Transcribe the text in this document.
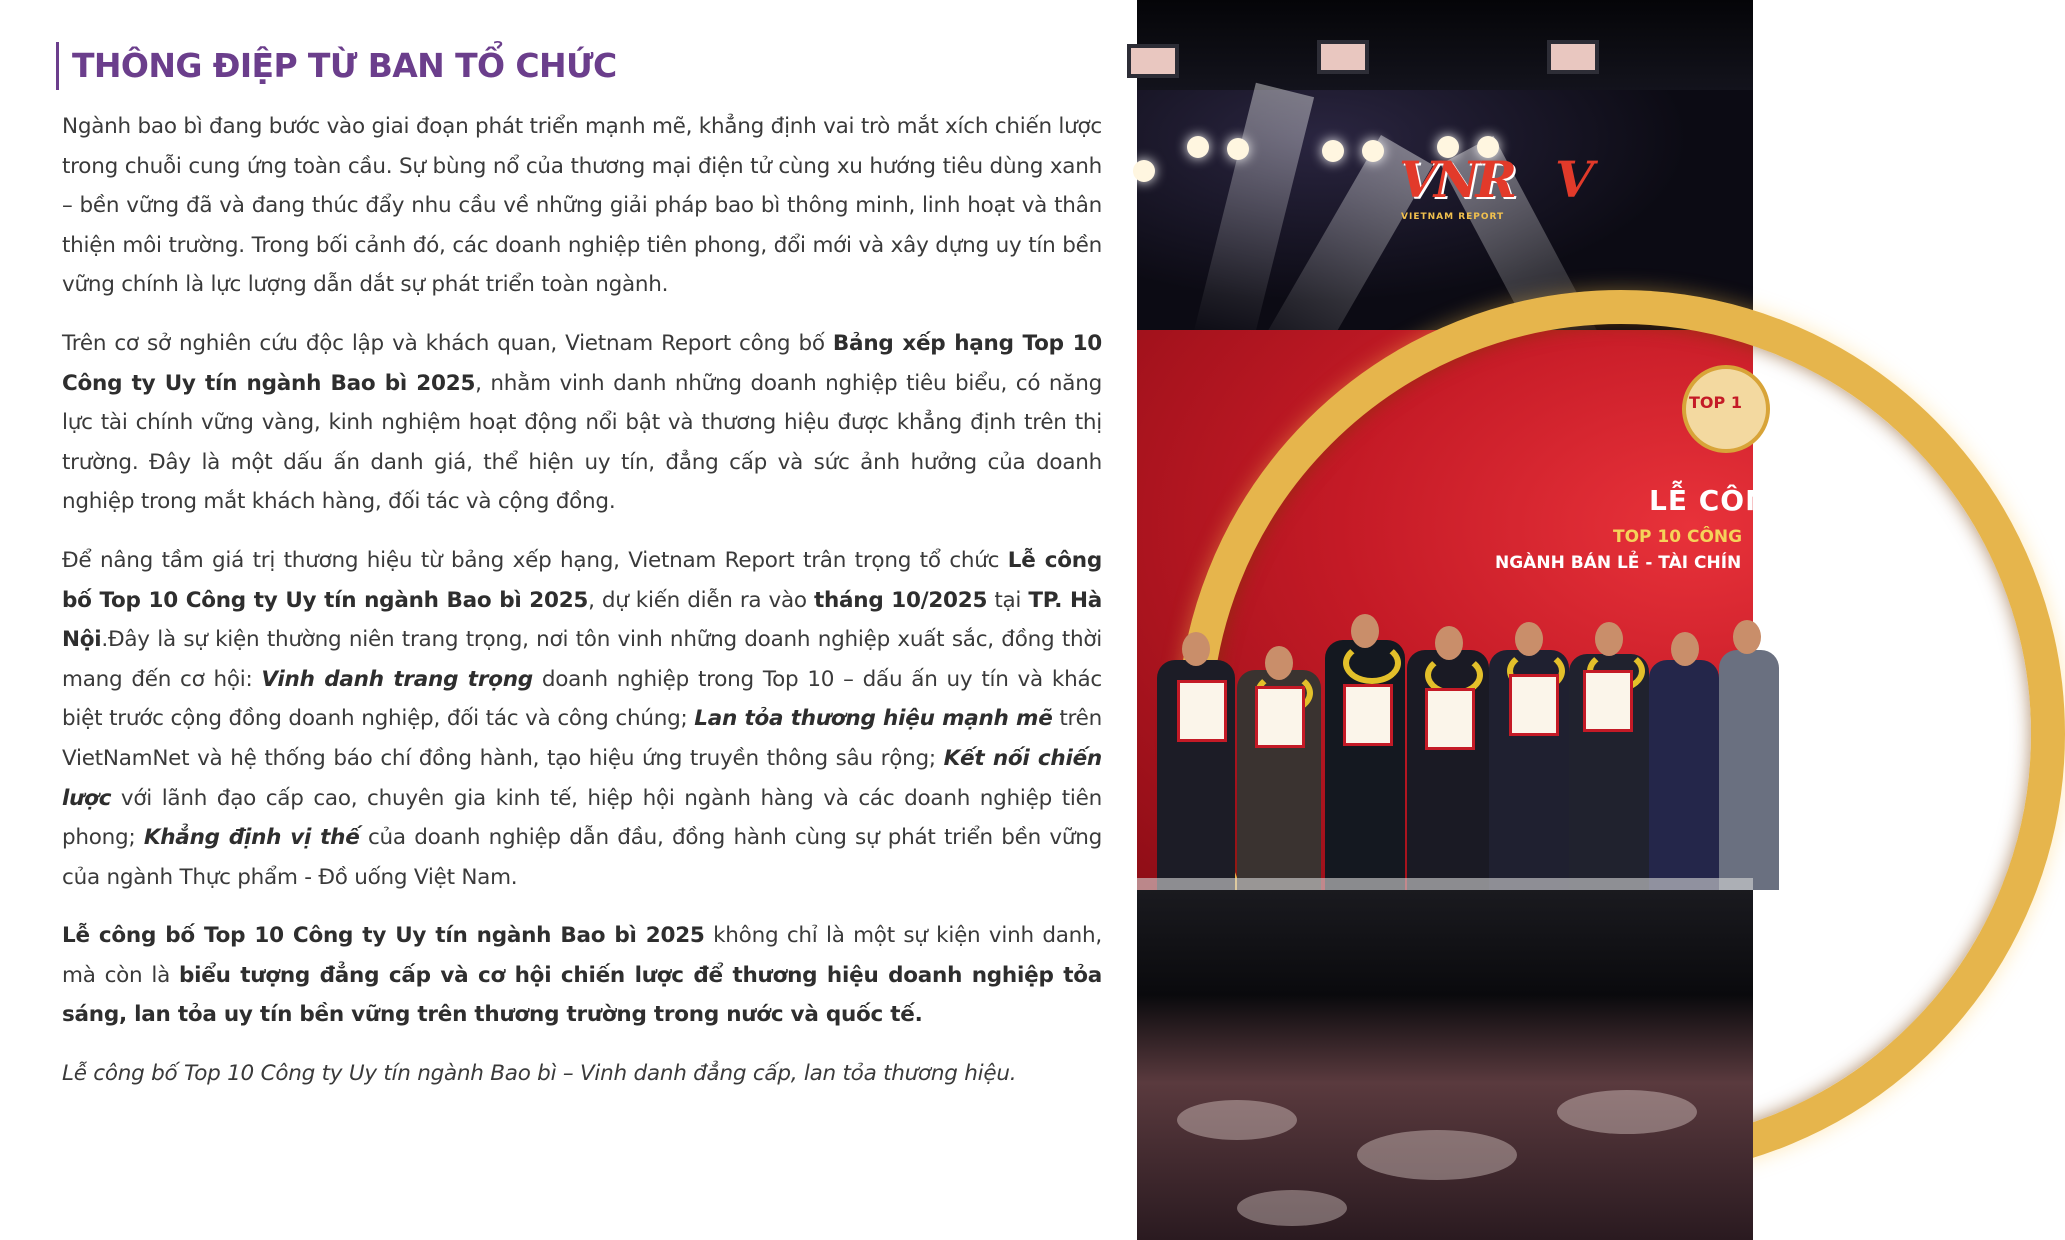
THÔNG ĐIỆP TỪ BAN TỔ CHỨC

Ngành bao bì đang bước vào giai đoạn phát triển mạnh mẽ, khẳng định vai trò mắt xích chiến lược trong chuỗi cung ứng toàn cầu. Sự bùng nổ của thương mại điện tử cùng xu hướng tiêu dùng xanh – bền vững đã và đang thúc đẩy nhu cầu về những giải pháp bao bì thông minh, linh hoạt và thân thiện môi trường. Trong bối cảnh đó, các doanh nghiệp tiên phong, đổi mới và xây dựng uy tín bền vững chính là lực lượng dẫn dắt sự phát triển toàn ngành.

Trên cơ sở nghiên cứu độc lập và khách quan, Vietnam Report công bố Bảng xếp hạng Top 10 Công ty Uy tín ngành Bao bì 2025, nhằm vinh danh những doanh nghiệp tiêu biểu, có năng lực tài chính vững vàng, kinh nghiệm hoạt động nổi bật và thương hiệu được khẳng định trên thị trường. Đây là một dấu ấn danh giá, thể hiện uy tín, đẳng cấp và sức ảnh hưởng của doanh nghiệp trong mắt khách hàng, đối tác và cộng đồng.

Để nâng tầm giá trị thương hiệu từ bảng xếp hạng, Vietnam Report trân trọng tổ chức Lễ công bố Top 10 Công ty Uy tín ngành Bao bì 2025, dự kiến diễn ra vào tháng 10/2025 tại TP. Hà Nội.Đây là sự kiện thường niên trang trọng, nơi tôn vinh những doanh nghiệp xuất sắc, đồng thời mang đến cơ hội: Vinh danh trang trọng doanh nghiệp trong Top 10 – dấu ấn uy tín và khác biệt trước cộng đồng doanh nghiệp, đối tác và công chúng; Lan tỏa thương hiệu mạnh mẽ trên VietNamNet và hệ thống báo chí đồng hành, tạo hiệu ứng truyền thông sâu rộng; Kết nối chiến lược với lãnh đạo cấp cao, chuyên gia kinh tế, hiệp hội ngành hàng và các doanh nghiệp tiên phong; Khẳng định vị thế của doanh nghiệp dẫn đầu, đồng hành cùng sự phát triển bền vững của ngành Thực phẩm - Đồ uống Việt Nam.

Lễ công bố Top 10 Công ty Uy tín ngành Bao bì 2025 không chỉ là một sự kiện vinh danh, mà còn là biểu tượng đẳng cấp và cơ hội chiến lược để thương hiệu doanh nghiệp tỏa sáng, lan tỏa uy tín bền vững trên thương trường trong nước và quốc tế.

Lễ công bố Top 10 Công ty Uy tín ngành Bao bì – Vinh danh đẳng cấp, lan tỏa thương hiệu.

VNR
VIETNAM REPORT
V
TOP 1
LỄ CÔN
TOP 10 CÔNG
NGÀNH BÁN LẺ - TÀI CHÍN
